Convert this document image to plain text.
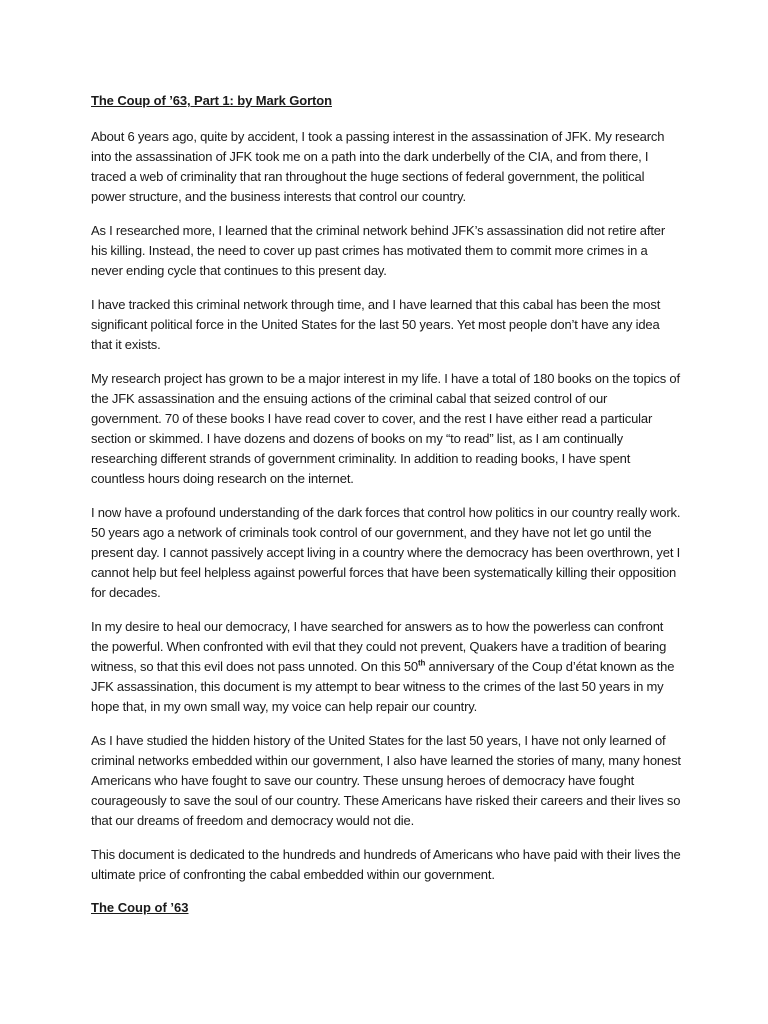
The Coup of ’63, Part 1: by Mark Gorton

About 6 years ago, quite by accident, I took a passing interest in the assassination of JFK. My research into the assassination of JFK took me on a path into the dark underbelly of the CIA, and from there, I traced a web of criminality that ran throughout the huge sections of federal government, the political power structure, and the business interests that control our country.

As I researched more, I learned that the criminal network behind JFK’s assassination did not retire after his killing. Instead, the need to cover up past crimes has motivated them to commit more crimes in a never ending cycle that continues to this present day.

I have tracked this criminal network through time, and I have learned that this cabal has been the most significant political force in the United States for the last 50 years. Yet most people don’t have any idea that it exists.

My research project has grown to be a major interest in my life. I have a total of 180 books on the topics of the JFK assassination and the ensuing actions of the criminal cabal that seized control of our government. 70 of these books I have read cover to cover, and the rest I have either read a particular section or skimmed. I have dozens and dozens of books on my “to read” list, as I am continually researching different strands of government criminality. In addition to reading books, I have spent countless hours doing research on the internet.

I now have a profound understanding of the dark forces that control how politics in our country really work. 50 years ago a network of criminals took control of our government, and they have not let go until the present day. I cannot passively accept living in a country where the democracy has been overthrown, yet I cannot help but feel helpless against powerful forces that have been systematically killing their opposition for decades.

In my desire to heal our democracy, I have searched for answers as to how the powerless can confront the powerful. When confronted with evil that they could not prevent, Quakers have a tradition of bearing witness, so that this evil does not pass unnoted. On this 50th anniversary of the Coup d’état known as the JFK assassination, this document is my attempt to bear witness to the crimes of the last 50 years in my hope that, in my own small way, my voice can help repair our country.

As I have studied the hidden history of the United States for the last 50 years, I have not only learned of criminal networks embedded within our government, I also have learned the stories of many, many honest Americans who have fought to save our country. These unsung heroes of democracy have fought courageously to save the soul of our country. These Americans have risked their careers and their lives so that our dreams of freedom and democracy would not die.

This document is dedicated to the hundreds and hundreds of Americans who have paid with their lives the ultimate price of confronting the cabal embedded within our government.

The Coup of ’63
